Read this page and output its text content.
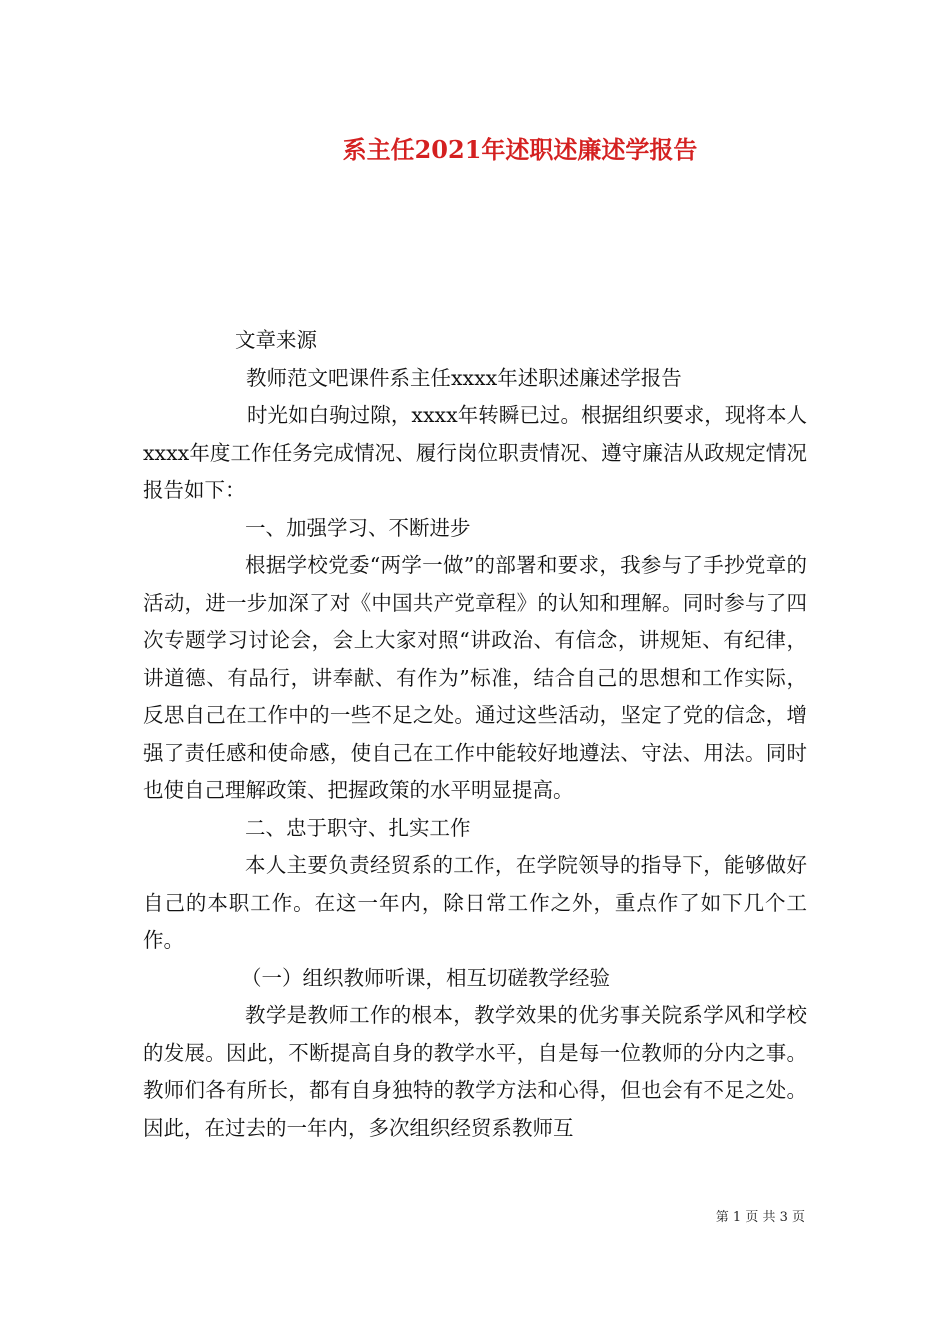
系主任2021年述职述廉述学报告

文章来源

教师范文吧课件系主任xxxx年述职述廉述学报告

时光如白驹过隙，xxxx年转瞬已过。根据组织要求，现将本人xxxx年度工作任务完成情况、履行岗位职责情况、遵守廉洁从政规定情况报告如下：

一、加强学习、不断进步

根据学校党委“两学一做”的部署和要求，我参与了手抄党章的活动，进一步加深了对《中国共产党章程》的认知和理解。同时参与了四次专题学习讨论会，会上大家对照“讲政治、有信念，讲规矩、有纪律，讲道德、有品行，讲奉献、有作为”标准，结合自己的思想和工作实际，反思自己在工作中的一些不足之处。通过这些活动，坚定了党的信念，增强了责任感和使命感，使自己在工作中能较好地遵法、守法、用法。同时也使自己理解政策、把握政策的水平明显提高。

二、忠于职守、扎实工作

本人主要负责经贸系的工作，在学院领导的指导下，能够做好自己的本职工作。在这一年内，除日常工作之外，重点作了如下几个工作。

（一）组织教师听课，相互切磋教学经验

教学是教师工作的根本，教学效果的优劣事关院系学风和学校的发展。因此，不断提高自身的教学水平，自是每一位教师的分内之事。教师们各有所长，都有自身独特的教学方法和心得，但也会有不足之处。因此，在过去的一年内，多次组织经贸系教师互

第 1 页 共 3 页
